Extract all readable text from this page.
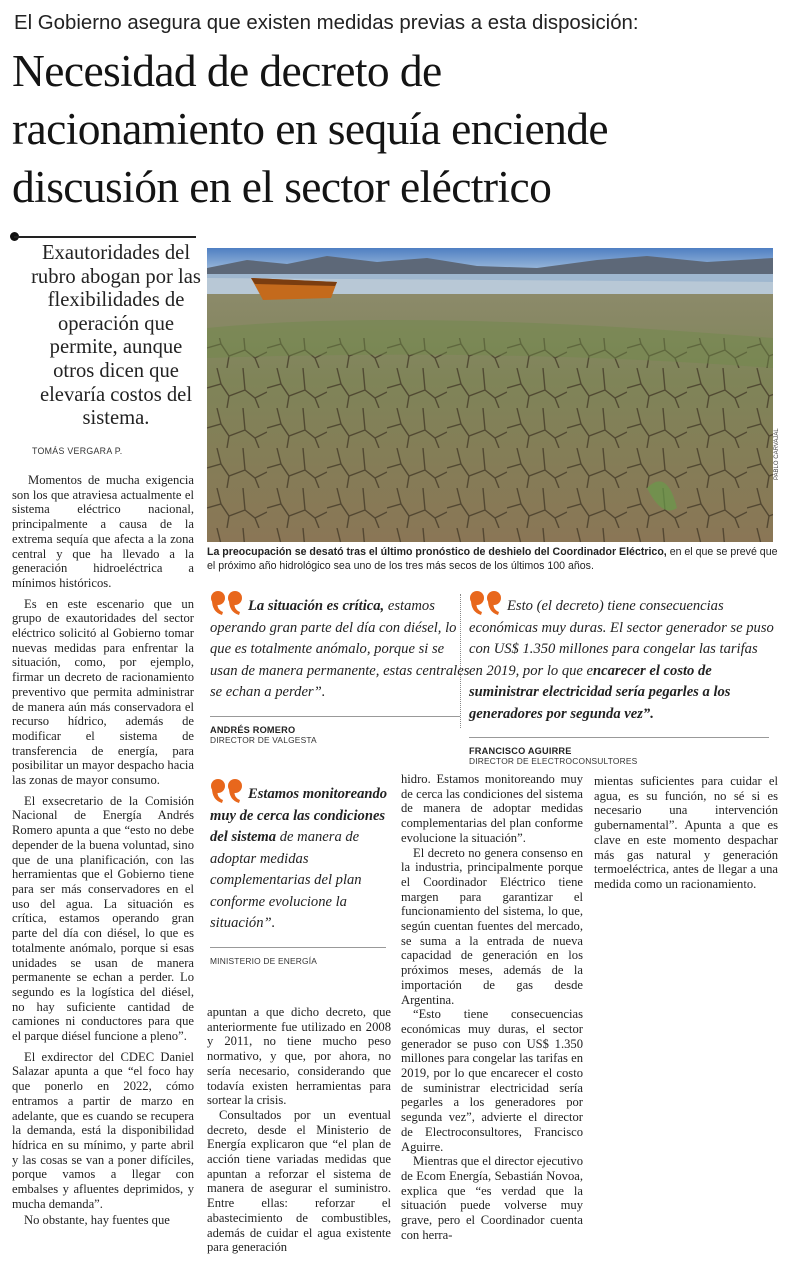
El Gobierno asegura que existen medidas previas a esta disposición:
Necesidad de decreto de
racionamiento en sequía enciende
discusión en el sector eléctrico
Exautoridades del rubro abogan por las flexibilidades de operación que permite, aunque otros dicen que elevaría costos del sistema.
TOMÁS VERGARA P.

Momentos de mucha exigencia son los que atraviesa actualmente el sistema eléctrico nacional, principalmente a causa de la extrema sequía que afecta a la zona central y que ha llevado a la generación hidroeléctrica a mínimos históricos.

Es en este escenario que un grupo de exautoridades del sector eléctrico solicitó al Gobierno tomar nuevas medidas para enfrentar la situación, como, por ejemplo, firmar un decreto de racionamiento preventivo que permita administrar de manera aún más conservadora el recurso hídrico, además de modificar el sistema de transferencia de energía, para posibilitar un mayor despacho hacia las zonas de mayor consumo.

El exsecretario de la Comisión Nacional de Energía Andrés Romero apunta a que “esto no debe depender de la buena voluntad, sino que de una planificación, con las herramientas que el Gobierno tiene para ser más conservadores en el uso del agua. La situación es crítica, estamos operando gran parte del día con diésel, lo que es totalmente anómalo, porque si esas unidades se usan de manera permanente se echan a perder. Lo segundo es la logística del diésel, no hay suficiente cantidad de camiones ni conductores para que el parque diésel funcione a pleno”.

El exdirector del CDEC Daniel Salazar apunta a que “el foco hay que ponerlo en 2022, cómo entramos a partir de marzo en adelante, que es cuando se recupera la demanda, está la disponibilidad hídrica en su mínimo, y parte abril y las cosas se van a poner difíciles, porque vamos a llegar con embalses y afluentes deprimidos, y mucha demanda”.

No obstante, hay fuentes que

PABLO CARVAJAL
La preocupación se desató tras el último pronóstico de deshielo del Coordinador Eléctrico, en el que se prevé que el próximo año hidrológico sea uno de los tres más secos de los últimos 100 años.
La situación es crítica, estamos operando gran parte del día con diésel, lo que es totalmente anómalo, porque si se usan de manera permanente, estas centrales se echan a perder”.
ANDRÉS ROMERO
DIRECTOR DE VALGESTA
Esto (el decreto) tiene consecuencias económicas muy duras. El sector generador se puso con US$ 1.350 millones para congelar las tarifas en 2019, por lo que encarecer el costo de suministrar electricidad sería pegarles a los generadores por segunda vez”.
FRANCISCO AGUIRRE
DIRECTOR DE ELECTROCONSULTORES
Estamos monitoreando muy de cerca las condiciones del sistema de manera de adoptar medidas complementarias del plan conforme evolucione la situación”.
MINISTERIO DE ENERGÍA

apuntan a que dicho decreto, que anteriormente fue utilizado en 2008 y 2011, no tiene mucho peso normativo, y que, por ahora, no sería necesario, considerando que todavía existen herramientas para sortear la crisis.

Consultados por un eventual decreto, desde el Ministerio de Energía explicaron que “el plan de acción tiene variadas medidas que apuntan a reforzar el sistema de manera de asegurar el suministro. Entre ellas: reforzar el abastecimiento de combustibles, además de cuidar el agua existente para generación

hidro. Estamos monitoreando muy de cerca las condiciones del sistema de manera de adoptar medidas complementarias del plan conforme evolucione la situación”.

El decreto no genera consenso en la industria, principalmente porque el Coordinador Eléctrico tiene margen para garantizar el funcionamiento del sistema, lo que, según cuentan fuentes del mercado, se suma a la entrada de nueva capacidad de generación en los próximos meses, además de la importación de gas desde Argentina.

“Esto tiene consecuencias económicas muy duras, el sector generador se puso con US$ 1.350 millones para congelar las tarifas en 2019, por lo que encarecer el costo de suministrar electricidad sería pegarles a los generadores por segunda vez”, advierte el director de Electroconsultores, Francisco Aguirre.

Mientras que el director ejecutivo de Ecom Energía, Sebastián Novoa, explica que “es verdad que la situación puede volverse muy grave, pero el Coordinador cuenta con herra-

mientas suficientes para cuidar el agua, es su función, no sé si es necesario una intervención gubernamental”. Apunta a que es clave en este momento despachar más gas natural y generación termoeléctrica, antes de llegar a una medida como un racionamiento.
